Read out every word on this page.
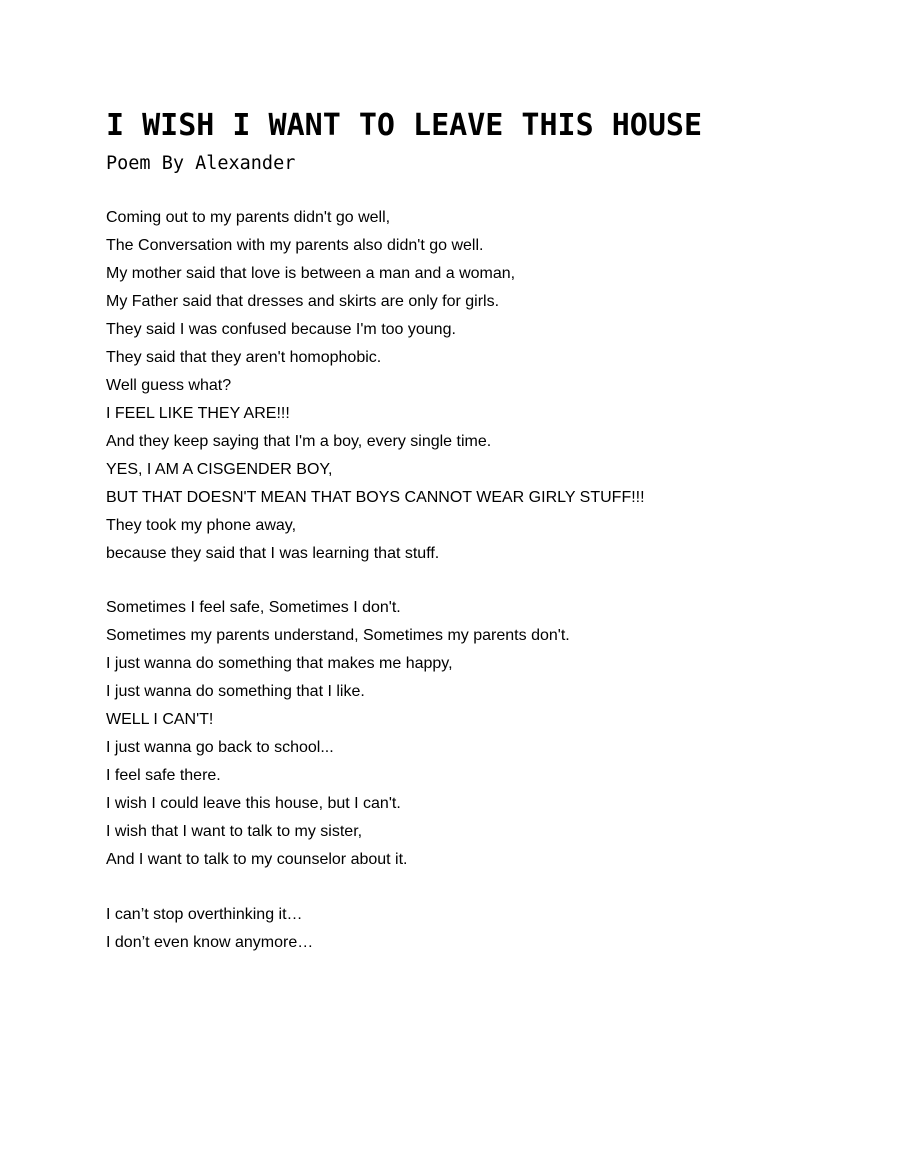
I WISH I WANT TO LEAVE THIS HOUSE
Poem By Alexander
Coming out to my parents didn't go well,
The Conversation with my parents also didn't go well.
My mother said that love is between a man and a woman,
My Father said that dresses and skirts are only for girls.
They said I was confused because I'm too young.
They said that they aren't homophobic.
Well guess what?
I FEEL LIKE THEY ARE!!!
And they keep saying that I'm a boy, every single time.
YES, I AM A CISGENDER BOY,
BUT THAT DOESN'T MEAN THAT BOYS CANNOT WEAR GIRLY STUFF!!!
They took my phone away,
because they said that I was learning that stuff.
Sometimes I feel safe, Sometimes I don't.
Sometimes my parents understand, Sometimes my parents don't.
I just wanna do something that makes me happy,
I just wanna do something that I like.
WELL I CAN'T!
I just wanna go back to school...
I feel safe there.
I wish I could leave this house, but I can't.
I wish that I want to talk to my sister,
And I want to talk to my counselor about it.
I can’t stop overthinking it…
I don’t even know anymore…
